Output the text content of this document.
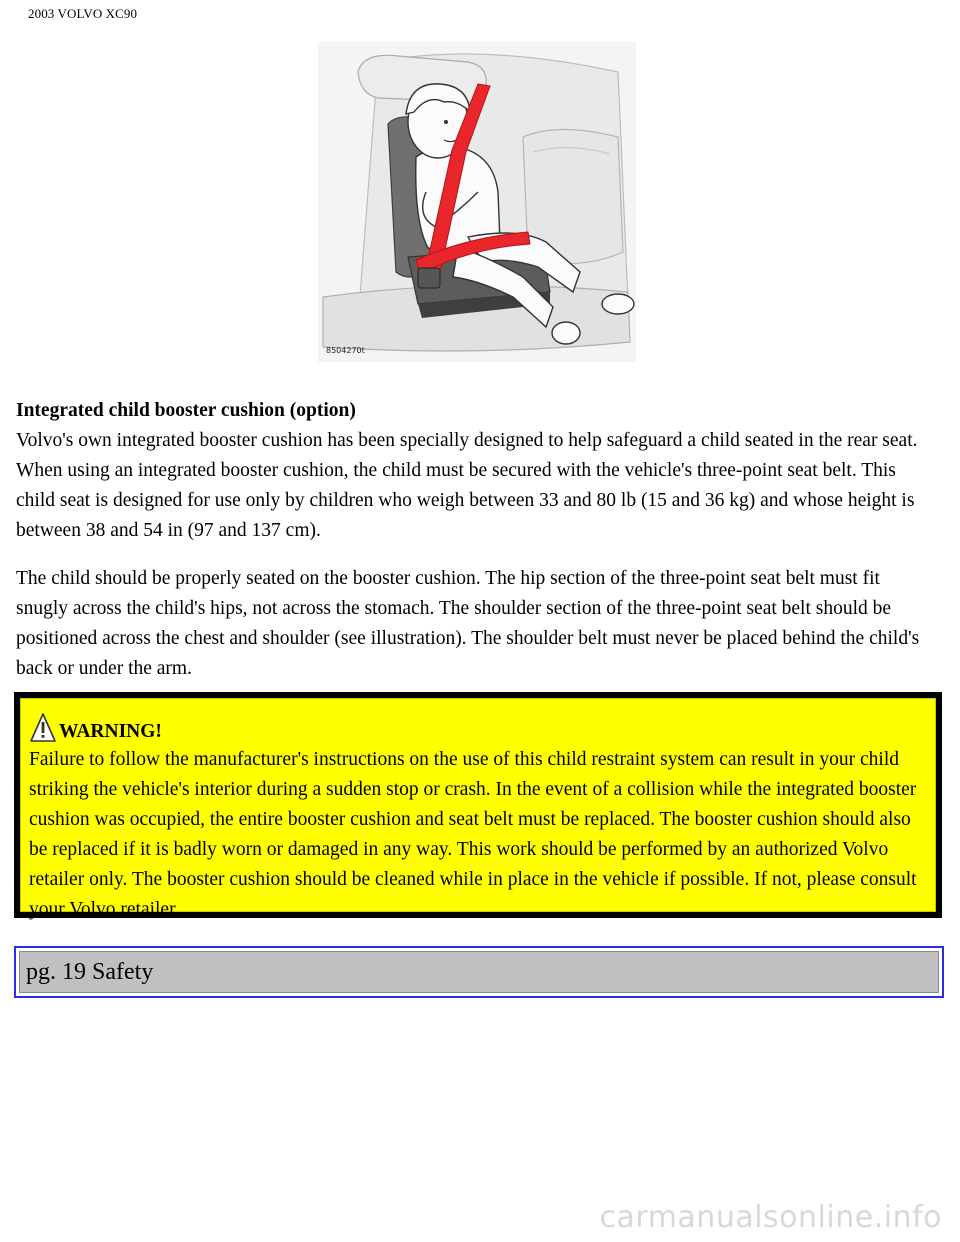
2003 VOLVO XC90
8504270t

Integrated child booster cushion (option)

Volvo's own integrated booster cushion has been specially designed to help safeguard a child seated in the rear seat. When using an integrated booster cushion, the child must be secured with the vehicle's three-point seat belt. This child seat is designed for use only by children who weigh between 33 and 80 lb (15 and 36 kg) and whose height is between 38 and 54 in (97 and 137 cm).

The child should be properly seated on the booster cushion. The hip section of the three-point seat belt must fit snugly across the child's hips, not across the stomach. The shoulder section of the three-point seat belt should be positioned across the chest and shoulder (see illustration). The shoulder belt must never be placed behind the child's back or under the arm.

WARNING!
Failure to follow the manufacturer's instructions on the use of this child restraint system can result in your child striking the vehicle's interior during a sudden stop or crash. In the event of a collision while the integrated booster cushion was occupied, the entire booster cushion and seat belt must be replaced. The booster cushion should also be replaced if it is badly worn or damaged in any way. This work should be performed by an authorized Volvo retailer only. The booster cushion should be cleaned while in place in the vehicle if possible. If not, please consult your Volvo retailer.
pg. 19 Safety
carmanualsonline.info
